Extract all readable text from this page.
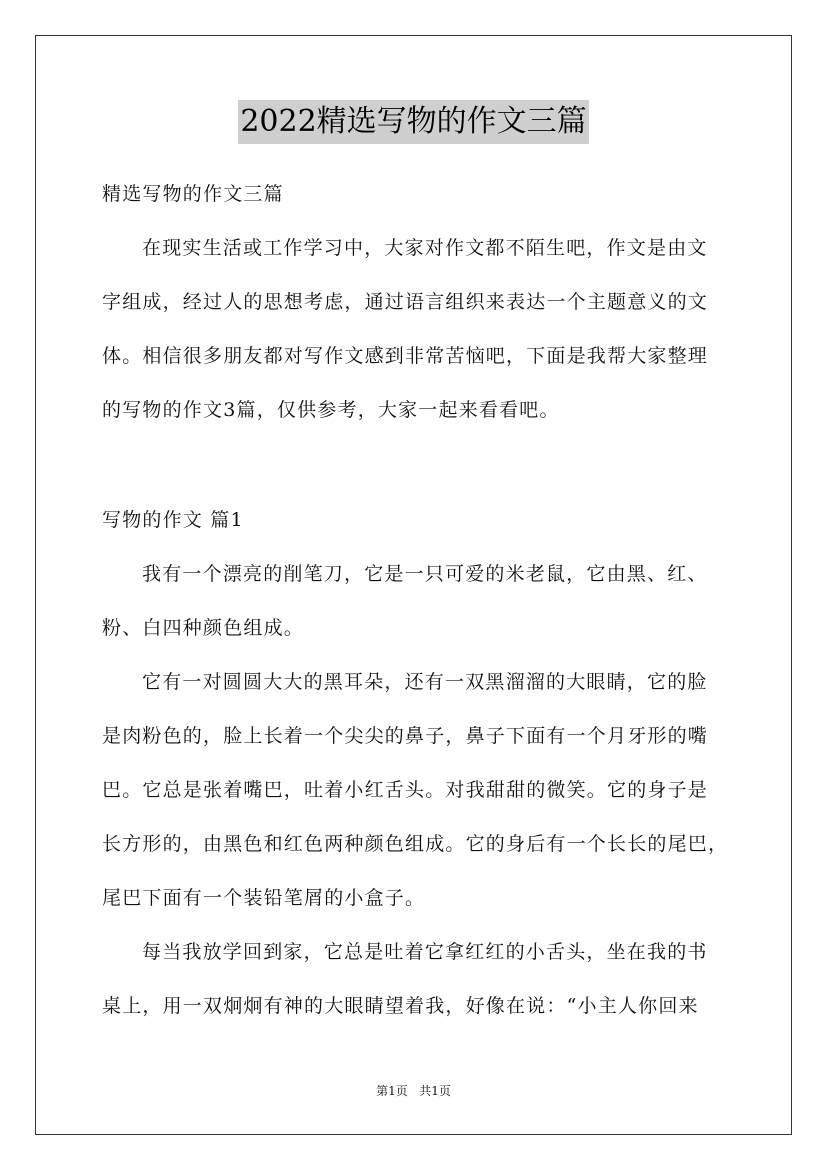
2022精选写物的作文三篇
精选写物的作文三篇
在现实生活或工作学习中，大家对作文都不陌生吧，作文是由文
字组成，经过人的思想考虑，通过语言组织来表达一个主题意义的文
体。相信很多朋友都对写作文感到非常苦恼吧，下面是我帮大家整理
的写物的作文3篇，仅供参考，大家一起来看看吧。
写物的作文 篇1
我有一个漂亮的削笔刀，它是一只可爱的米老鼠，它由黑、红、
粉、白四种颜色组成。
它有一对圆圆大大的黑耳朵，还有一双黑溜溜的大眼睛，它的脸
是肉粉色的，脸上长着一个尖尖的鼻子，鼻子下面有一个月牙形的嘴
巴。它总是张着嘴巴，吐着小红舌头。对我甜甜的微笑。它的身子是
长方形的，由黑色和红色两种颜色组成。它的身后有一个长长的尾巴，
尾巴下面有一个装铅笔屑的小盒子。
每当我放学回到家，它总是吐着它拿红红的小舌头，坐在我的书
桌上，用一双炯炯有神的大眼睛望着我，好像在说：“小主人你回来
第1页 共1页
